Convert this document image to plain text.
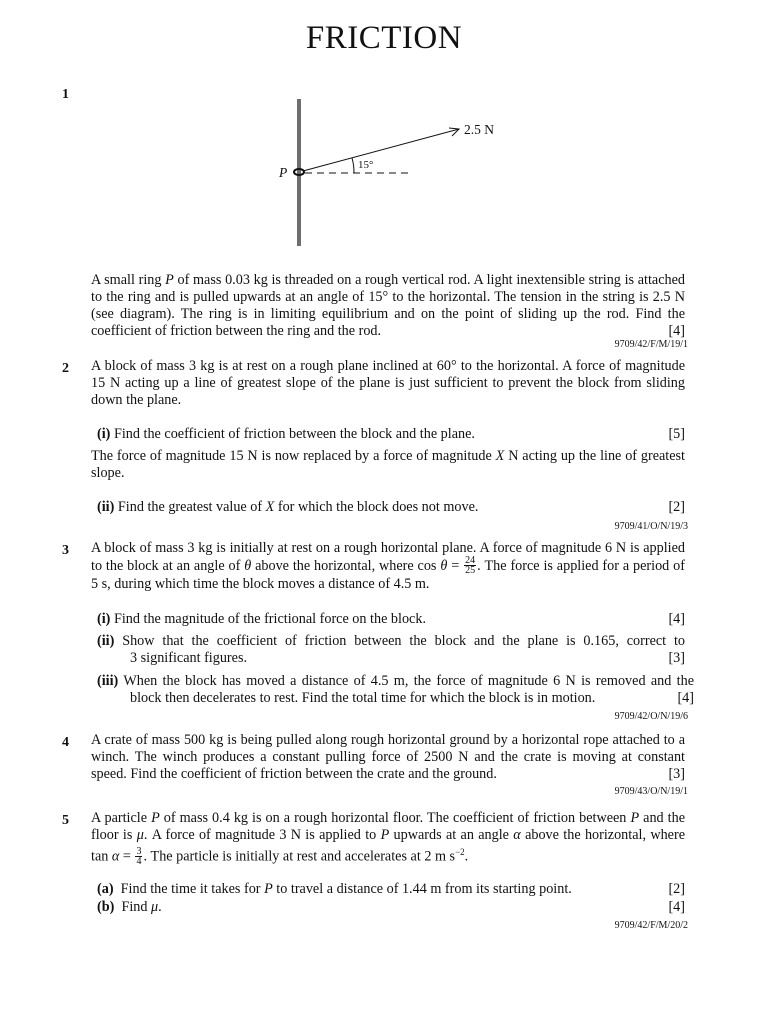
FRICTION
1
2.5 N
15°
P
A small ring P of mass 0.03 kg is threaded on a rough vertical rod. A light inextensible string is attached to the ring and is pulled upwards at an angle of 15° to the horizontal. The tension in the string is 2.5 N (see diagram). The ring is in limiting equilibrium and on the point of sliding up the rod. Find the coefficient of friction between the ring and the rod.	[4]
9709/42/F/M/19/1
2 A block of mass 3 kg is at rest on a rough plane inclined at 60° to the horizontal. A force of magnitude 15 N acting up a line of greatest slope of the plane is just sufficient to prevent the block from sliding down the plane.
(i) Find the coefficient of friction between the block and the plane.	[5]
The force of magnitude 15 N is now replaced by a force of magnitude X N acting up the line of greatest slope.
(ii) Find the greatest value of X for which the block does not move.	[2]
9709/41/O/N/19/3
3 A block of mass 3 kg is initially at rest on a rough horizontal plane. A force of magnitude 6 N is applied to the block at an angle of θ above the horizontal, where $\cos \theta = \frac{24}{25}$ . The force is applied for a period of 5 s, during which time the block moves a distance of 4.5 m.
(i) Find the magnitude of the frictional force on the block.	[4]
(ii) Show that the coefficient of friction between the block and the plane is 0.165, correct to
3 significant figures.	[3]
(iii) When the block has moved a distance of 4.5 m, the force of magnitude 6 N is removed and the
block then decelerates to rest. Find the total time for which the block is in motion.	[4]
9709/42/O/N/19/6
4 A crate of mass 500 kg is being pulled along rough horizontal ground by a horizontal rope attached to a winch. The winch produces a constant pulling force of 2500 N and the crate is moving at constant speed. Find the coefficient of friction between the crate and the ground.	[3]
9709/43/O/N/19/1
5 A particle P of mass 0.4 kg is on a rough horizontal floor. The coefficient of friction between P and the floor is μ. A force of magnitude 3 N is applied to P upwards at an angle α above the horizontal, where $\tan \alpha = \frac{3}{4}$ . The particle is initially at rest and accelerates at 2 m $s^{-2}$.
(a)  Find the time it takes for P to travel a distance of 1.44 m from its starting point.	[2]
(b)  Find μ.	[4]
9709/42/F/M/20/2
